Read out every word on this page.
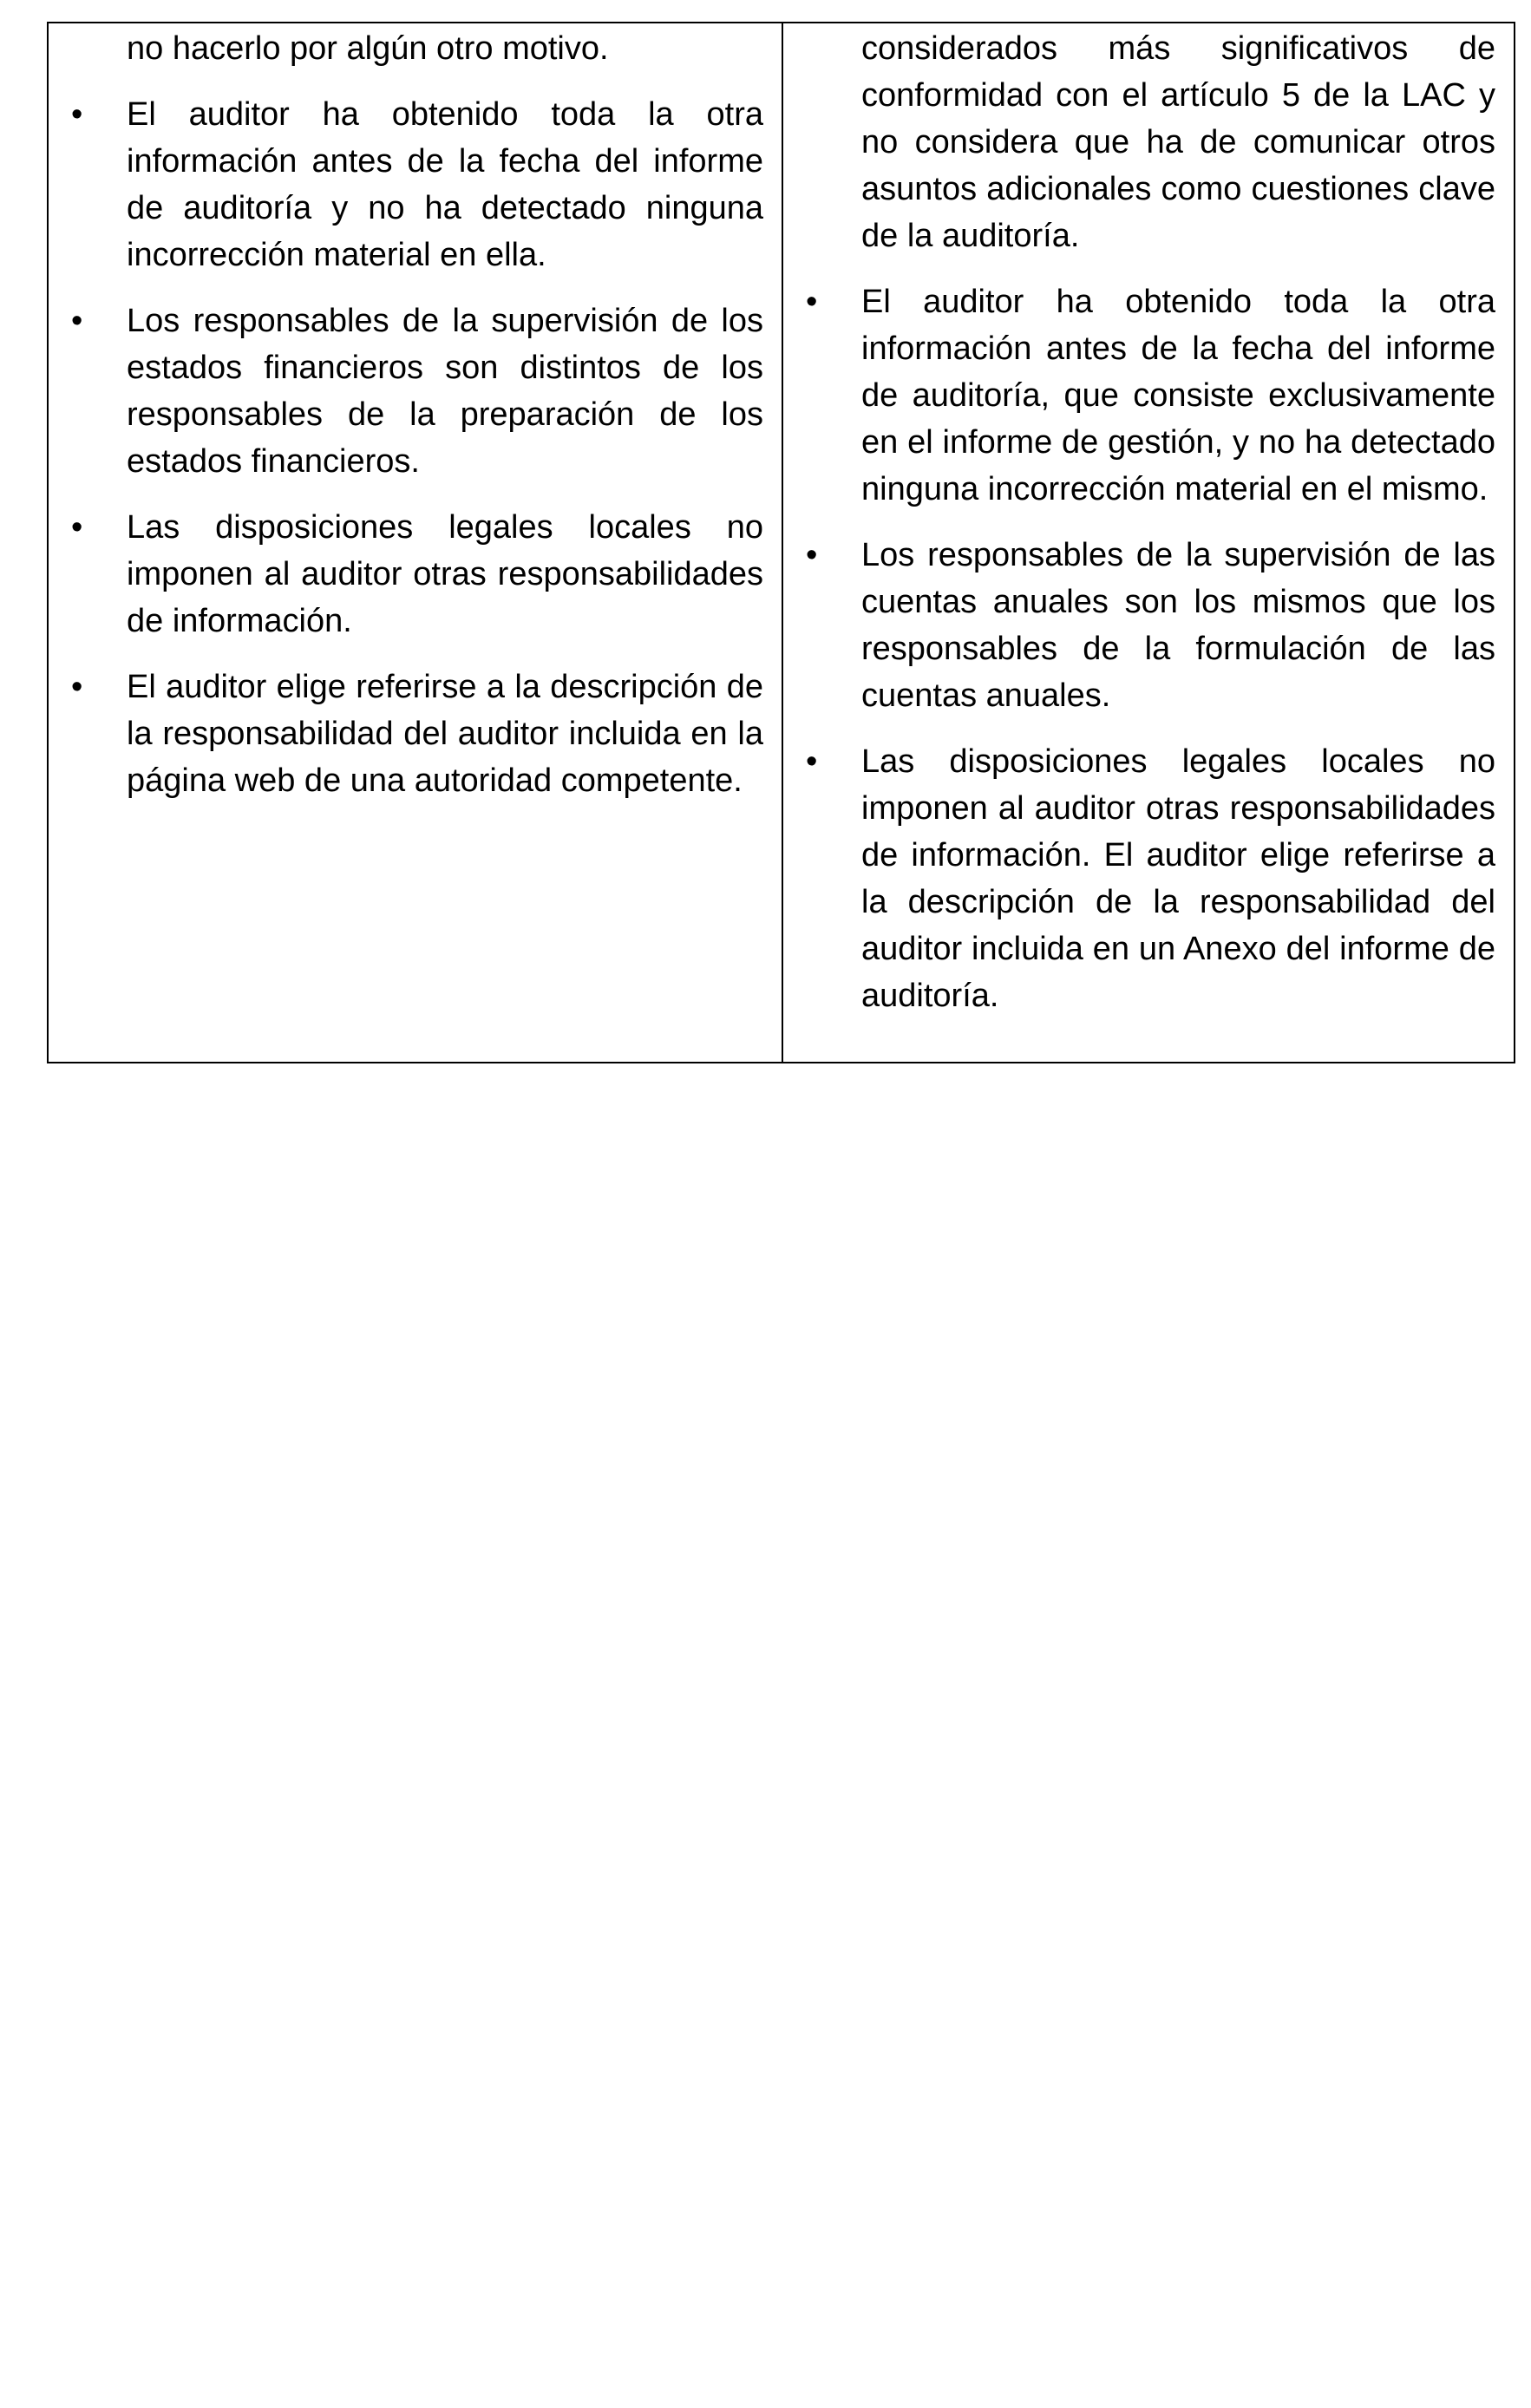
no hacerlo por algún otro motivo.

• El auditor ha obtenido toda la otra información antes de la fecha del informe de auditoría y no ha detectado ninguna incorrección material en ella.
• Los responsables de la supervisión de los estados financieros son distintos de los responsables de la preparación de los estados financieros.
• Las disposiciones legales locales no imponen al auditor otras responsabilidades de información.
• El auditor elige referirse a la descripción de la responsabilidad del auditor incluida en la página web de una autoridad competente.

considerados más significativos de conformidad con el artículo 5 de la LAC y no considera que ha de comunicar otros asuntos adicionales como cuestiones clave de la auditoría.

• El auditor ha obtenido toda la otra información antes de la fecha del informe de auditoría, que consiste exclusivamente en el informe de gestión, y no ha detectado ninguna incorrección material en el mismo.
• Los responsables de la supervisión de las cuentas anuales son los mismos que los responsables de la formulación de las cuentas anuales.
• Las disposiciones legales locales no imponen al auditor otras responsabilidades de información. El auditor elige referirse a la descripción de la responsabilidad del auditor incluida en un Anexo del informe de auditoría.
